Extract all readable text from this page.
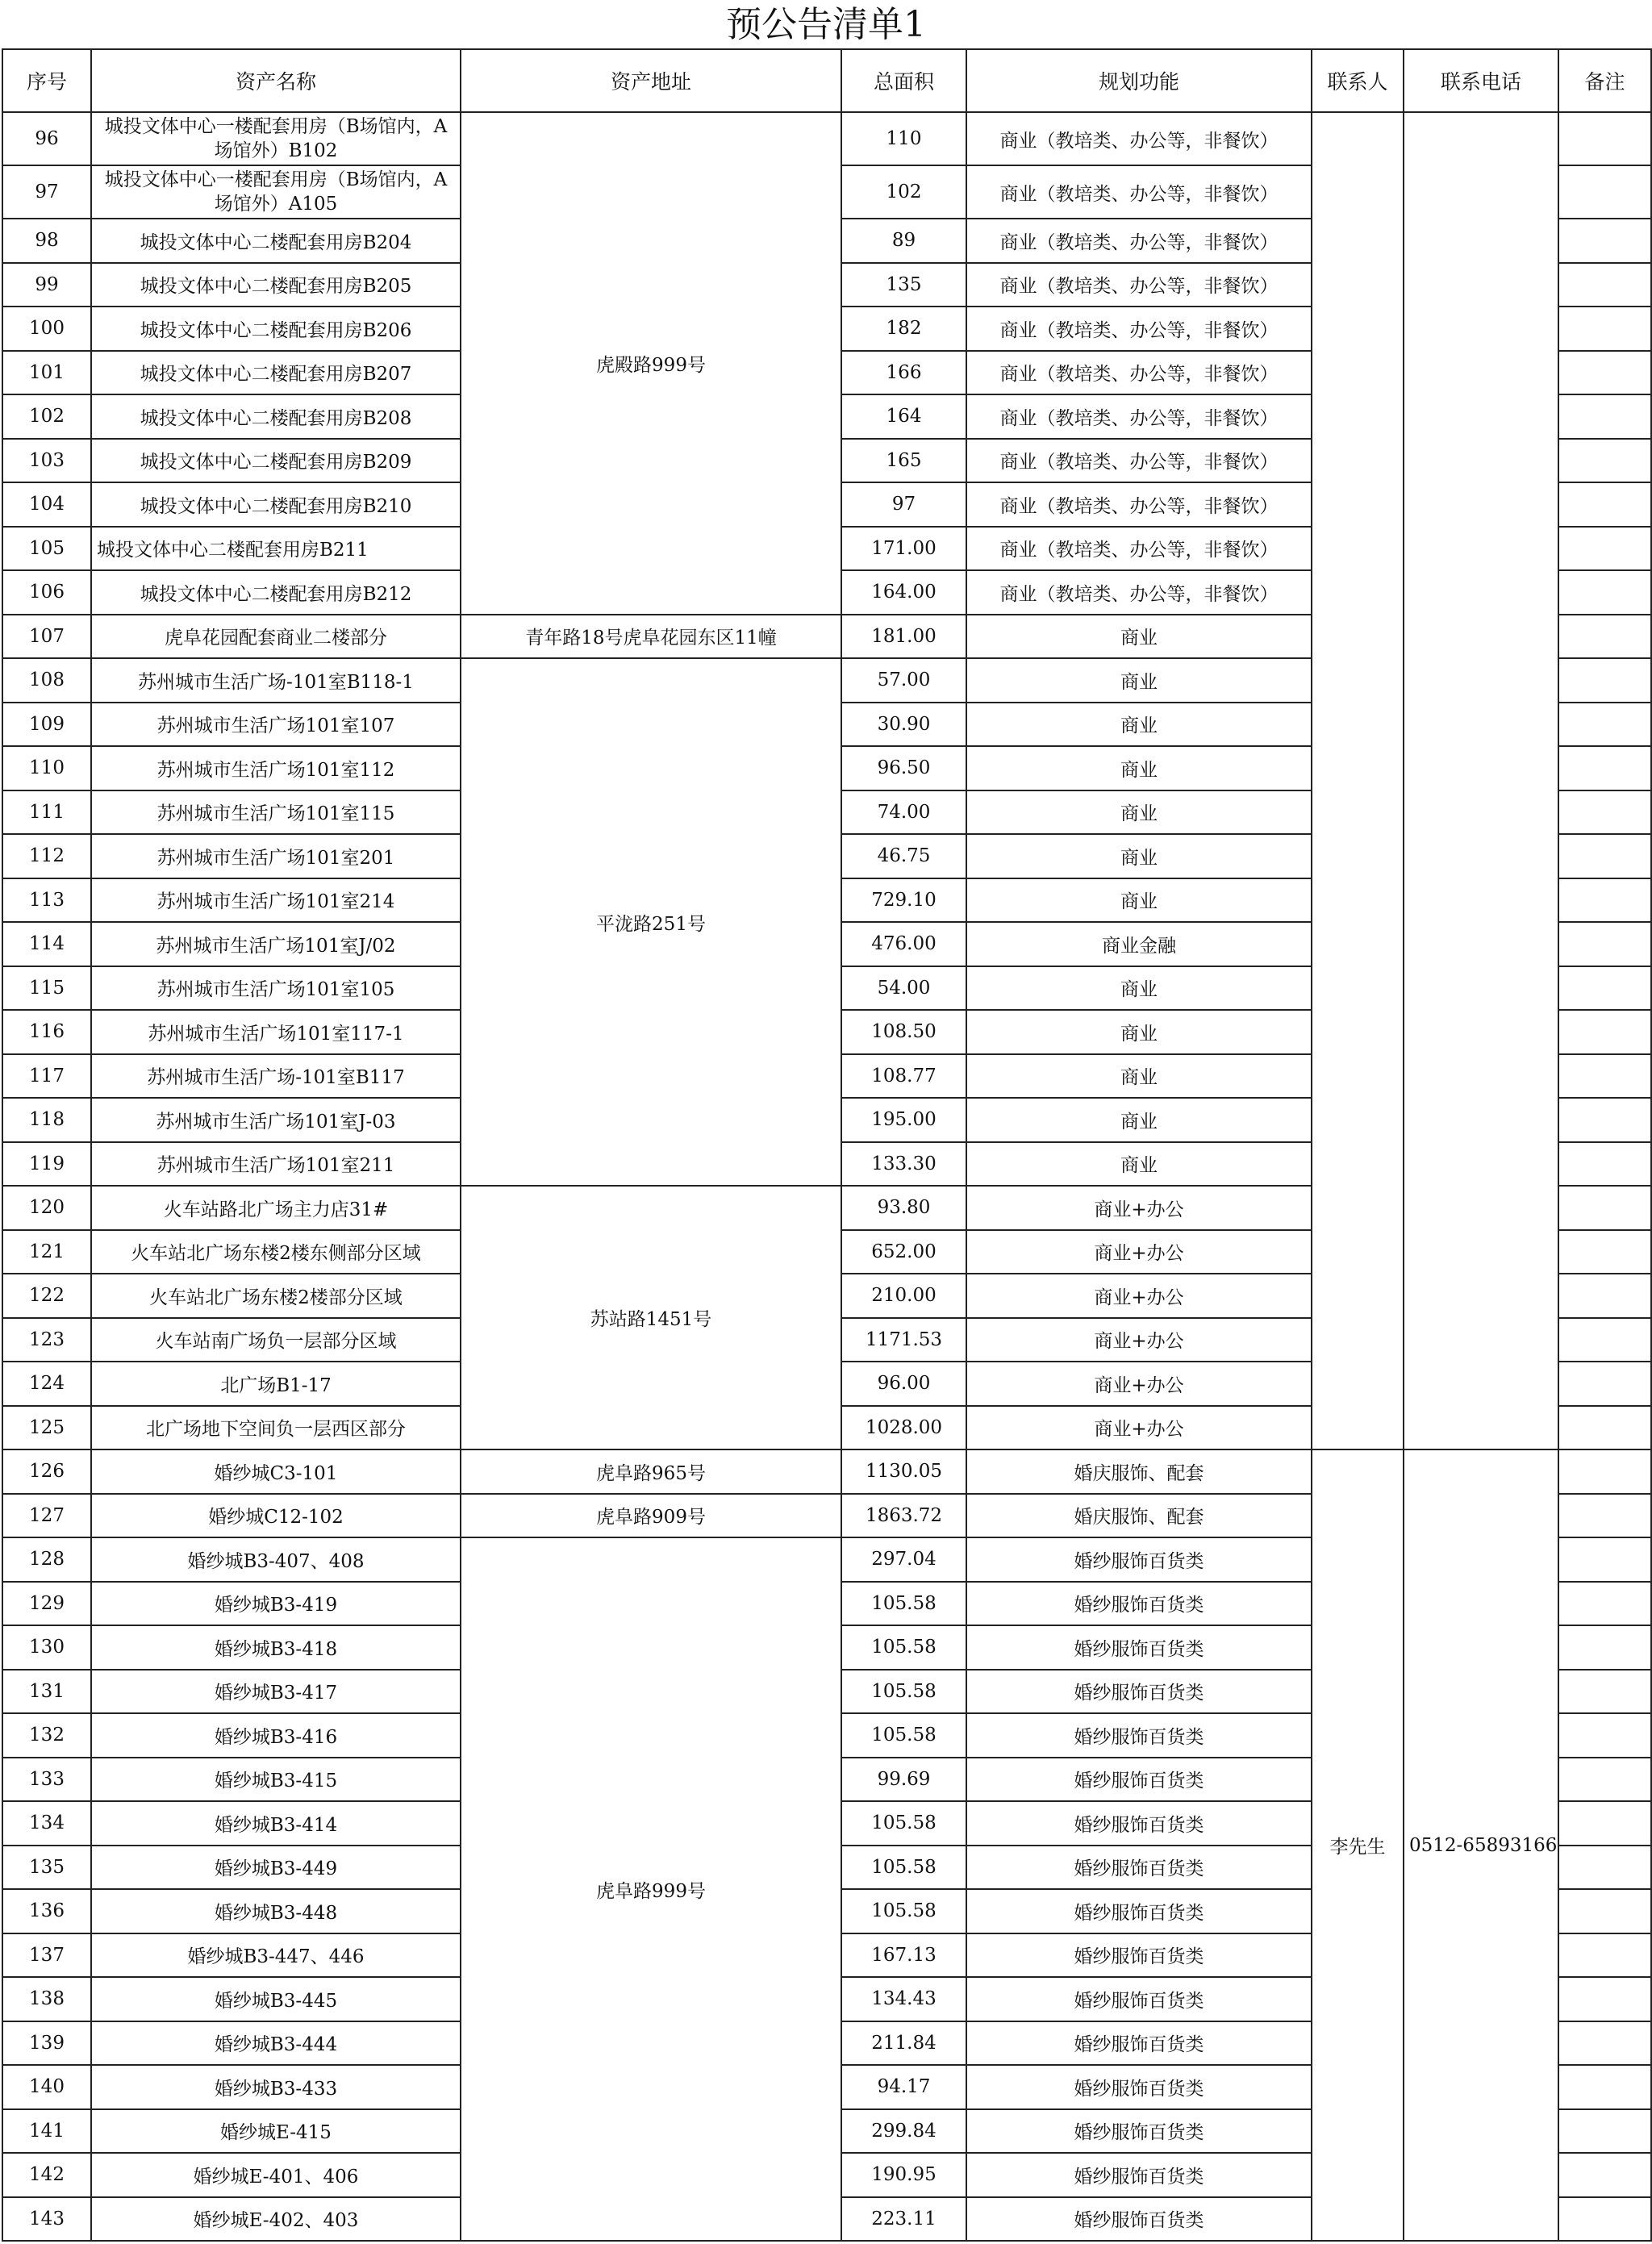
预公告清单1
序号	资产名称	资产地址	总面积	规划功能	联系人	联系电话	备注
96	城投文体中心一楼配套用房（B场馆内，A场馆外）B102	虎殿路999号	110	商业（教培类、办公等，非餐饮）			
97	城投文体中心一楼配套用房（B场馆内，A场馆外）A105		102	商业（教培类、办公等，非餐饮）			
98	城投文体中心二楼配套用房B204		89	商业（教培类、办公等，非餐饮）			
99	城投文体中心二楼配套用房B205		135	商业（教培类、办公等，非餐饮）			
100	城投文体中心二楼配套用房B206		182	商业（教培类、办公等，非餐饮）			
101	城投文体中心二楼配套用房B207		166	商业（教培类、办公等，非餐饮）			
102	城投文体中心二楼配套用房B208		164	商业（教培类、办公等，非餐饮）			
103	城投文体中心二楼配套用房B209		165	商业（教培类、办公等，非餐饮）			
104	城投文体中心二楼配套用房B210		97	商业（教培类、办公等，非餐饮）			
105	城投文体中心二楼配套用房B211		171.00	商业（教培类、办公等，非餐饮）			
106	城投文体中心二楼配套用房B212		164.00	商业（教培类、办公等，非餐饮）			
107	虎阜花园配套商业二楼部分	青年路18号虎阜花园东区11幢	181.00	商业			
108	苏州城市生活广场-101室B118-1	平泷路251号	57.00	商业			
109	苏州城市生活广场101室107		30.90	商业			
110	苏州城市生活广场101室112		96.50	商业			
111	苏州城市生活广场101室115		74.00	商业			
112	苏州城市生活广场101室201		46.75	商业			
113	苏州城市生活广场101室214		729.10	商业			
114	苏州城市生活广场101室J/02		476.00	商业金融			
115	苏州城市生活广场101室105		54.00	商业			
116	苏州城市生活广场101室117-1		108.50	商业			
117	苏州城市生活广场-101室B117		108.77	商业			
118	苏州城市生活广场101室J-03		195.00	商业			
119	苏州城市生活广场101室211		133.30	商业			
120	火车站路北广场主力店31#	苏站路1451号	93.80	商业+办公			
121	火车站北广场东楼2楼东侧部分区域		652.00	商业+办公			
122	火车站北广场东楼2楼部分区域		210.00	商业+办公			
123	火车站南广场负一层部分区域		1171.53	商业+办公			
124	北广场B1-17		96.00	商业+办公			
125	北广场地下空间负一层西区部分		1028.00	商业+办公			
126	婚纱城C3-101	虎阜路965号	1130.05	婚庆服饰、配套	李先生	0512-65893166	
127	婚纱城C12-102	虎阜路909号	1863.72	婚庆服饰、配套			
128	婚纱城B3-407、408	虎阜路999号	297.04	婚纱服饰百货类			
129	婚纱城B3-419		105.58	婚纱服饰百货类			
130	婚纱城B3-418		105.58	婚纱服饰百货类			
131	婚纱城B3-417		105.58	婚纱服饰百货类			
132	婚纱城B3-416		105.58	婚纱服饰百货类			
133	婚纱城B3-415		99.69	婚纱服饰百货类			
134	婚纱城B3-414		105.58	婚纱服饰百货类			
135	婚纱城B3-449		105.58	婚纱服饰百货类			
136	婚纱城B3-448		105.58	婚纱服饰百货类			
137	婚纱城B3-447、446		167.13	婚纱服饰百货类			
138	婚纱城B3-445		134.43	婚纱服饰百货类			
139	婚纱城B3-444		211.84	婚纱服饰百货类			
140	婚纱城B3-433		94.17	婚纱服饰百货类			
141	婚纱城E-415		299.84	婚纱服饰百货类			
142	婚纱城E-401、406		190.95	婚纱服饰百货类			
143	婚纱城E-402、403		223.11	婚纱服饰百货类			
